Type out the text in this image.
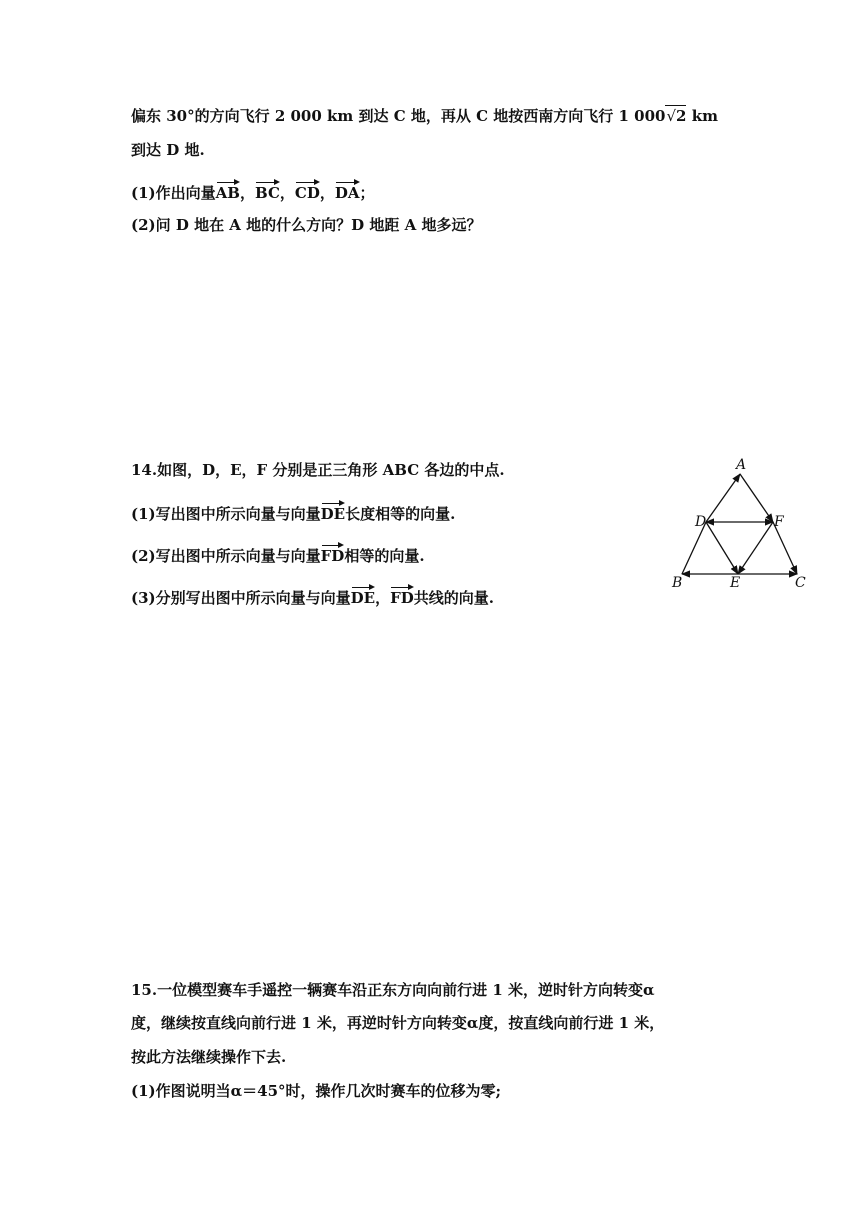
偏东 30°的方向飞行 2 000 km 到达 C 地，再从 C 地按西南方向飞行 1 000√2 km
到达 D 地.
(1)作出向量AB，BC，CD，DA；
(2)问 D 地在 A 地的什么方向？D 地距 A 地多远？
14.如图，D，E，F 分别是正三角形 ABC 各边的中点.
(1)写出图中所示向量与向量DE长度相等的向量.
(2)写出图中所示向量与向量FD相等的向量.
(3)分别写出图中所示向量与向量DE，FD共线的向量.
A
B	C
D
E
F
15.一位模型赛车手遥控一辆赛车沿正东方向向前行进 1 米，逆时针方向转变α
度，继续按直线向前行进 1 米，再逆时针方向转变α度，按直线向前行进 1 米，
按此方法继续操作下去.
(1)作图说明当α＝45°时，操作几次时赛车的位移为零;
